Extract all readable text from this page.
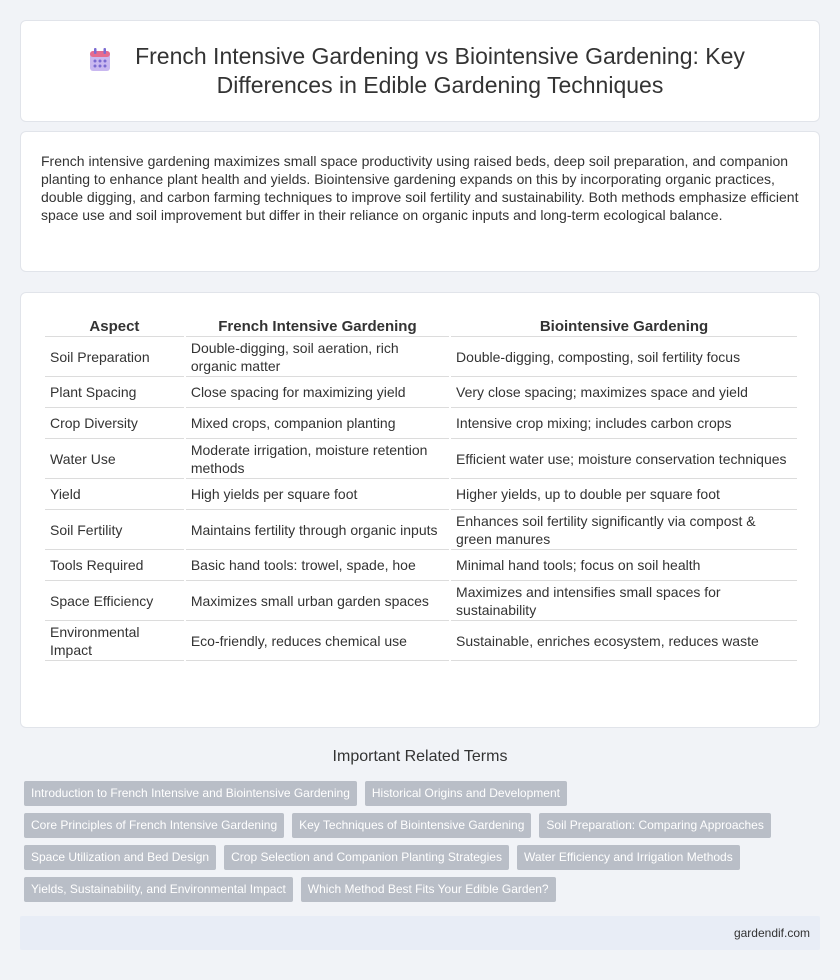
French Intensive Gardening vs Biointensive Gardening: Key Differences in Edible Gardening Techniques

French intensive gardening maximizes small space productivity using raised beds, deep soil preparation, and companion planting to enhance plant health and yields. Biointensive gardening expands on this by incorporating organic practices, double digging, and carbon farming techniques to improve soil fertility and sustainability. Both methods emphasize efficient space use and soil improvement but differ in their reliance on organic inputs and long-term ecological balance.

Aspect	French Intensive Gardening	Biointensive Gardening
Soil Preparation	Double-digging, soil aeration, rich organic matter	Double-digging, composting, soil fertility focus
Plant Spacing	Close spacing for maximizing yield	Very close spacing; maximizes space and yield
Crop Diversity	Mixed crops, companion planting	Intensive crop mixing; includes carbon crops
Water Use	Moderate irrigation, moisture retention methods	Efficient water use; moisture conservation techniques
Yield	High yields per square foot	Higher yields, up to double per square foot
Soil Fertility	Maintains fertility through organic inputs	Enhances soil fertility significantly via compost & green manures
Tools Required	Basic hand tools: trowel, spade, hoe	Minimal hand tools; focus on soil health
Space Efficiency	Maximizes small urban garden spaces	Maximizes and intensifies small spaces for sustainability
Environmental Impact	Eco-friendly, reduces chemical use	Sustainable, enriches ecosystem, reduces waste
Important Related Terms
Introduction to French Intensive and Biointensive Gardening	Historical Origins and Development
Core Principles of French Intensive Gardening	Key Techniques of Biointensive Gardening	Soil Preparation: Comparing Approaches
Space Utilization and Bed Design	Crop Selection and Companion Planting Strategies	Water Efficiency and Irrigation Methods
Yields, Sustainability, and Environmental Impact	Which Method Best Fits Your Edible Garden?
gardendif.com
